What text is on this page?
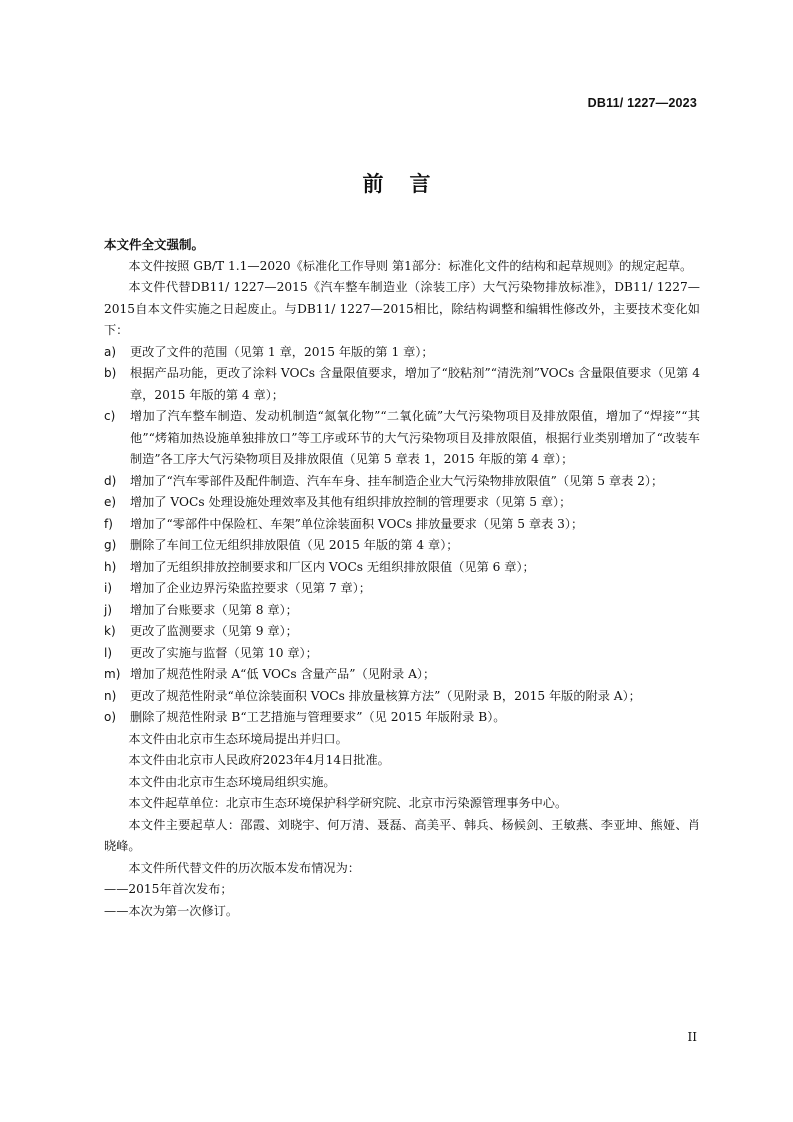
DB11/ 1227—2023
前言

本文件全文强制。

本文件按照 GB/T 1.1—2020《标准化工作导则 第1部分：标准化文件的结构和起草规则》的规定起草。

本文件代替DB11/ 1227—2015《汽车整车制造业（涂装工序）大气污染物排放标准》，DB11/ 1227—2015自本文件实施之日起废止。与DB11/ 1227—2015相比，除结构调整和编辑性修改外，主要技术变化如下：

a)	更改了文件的范围（见第 1 章，2015 年版的第 1 章）；
b)	根据产品功能，更改了涂料 VOCs 含量限值要求，增加了“胶粘剂”“清洗剂”VOCs 含量限值要求（见第 4 章，2015 年版的第 4 章）；
c)	增加了汽车整车制造、发动机制造“氮氧化物”“二氧化硫”大气污染物项目及排放限值，增加了“焊接”“其他”“烤箱加热设施单独排放口”等工序或环节的大气污染物项目及排放限值，根据行业类别增加了“改装车制造”各工序大气污染物项目及排放限值（见第 5 章表 1，2015 年版的第 4 章）；
d)	增加了“汽车零部件及配件制造、汽车车身、挂车制造企业大气污染物排放限值”（见第 5 章表 2）；
e)	增加了 VOCs 处理设施处理效率及其他有组织排放控制的管理要求（见第 5 章）；
f)	增加了“零部件中保险杠、车架”单位涂装面积 VOCs 排放量要求（见第 5 章表 3）；
g)	删除了车间工位无组织排放限值（见 2015 年版的第 4 章）；
h)	增加了无组织排放控制要求和厂区内 VOCs 无组织排放限值（见第 6 章）；
i)	增加了企业边界污染监控要求（见第 7 章）；
j)	增加了台账要求（见第 8 章）；
k)	更改了监测要求（见第 9 章）；
l)	更改了实施与监督（见第 10 章）；
m) 增加了规范性附录 A“低 VOCs 含量产品”（见附录 A）；
n)	更改了规范性附录“单位涂装面积 VOCs 排放量核算方法”（见附录 B，2015 年版的附录 A）；
o)	删除了规范性附录 B“工艺措施与管理要求”（见 2015 年版附录 B）。

本文件由北京市生态环境局提出并归口。

本文件由北京市人民政府2023年4月14日批准。

本文件由北京市生态环境局组织实施。

本文件起草单位：北京市生态环境保护科学研究院、北京市污染源管理事务中心。

本文件主要起草人：邵霞、刘晓宇、何万清、聂磊、高美平、韩兵、杨候剑、王敏燕、李亚坤、熊娅、肖晓峰。

本文件所代替文件的历次版本发布情况为：

——2015年首次发布；

——本次为第一次修订。

II
